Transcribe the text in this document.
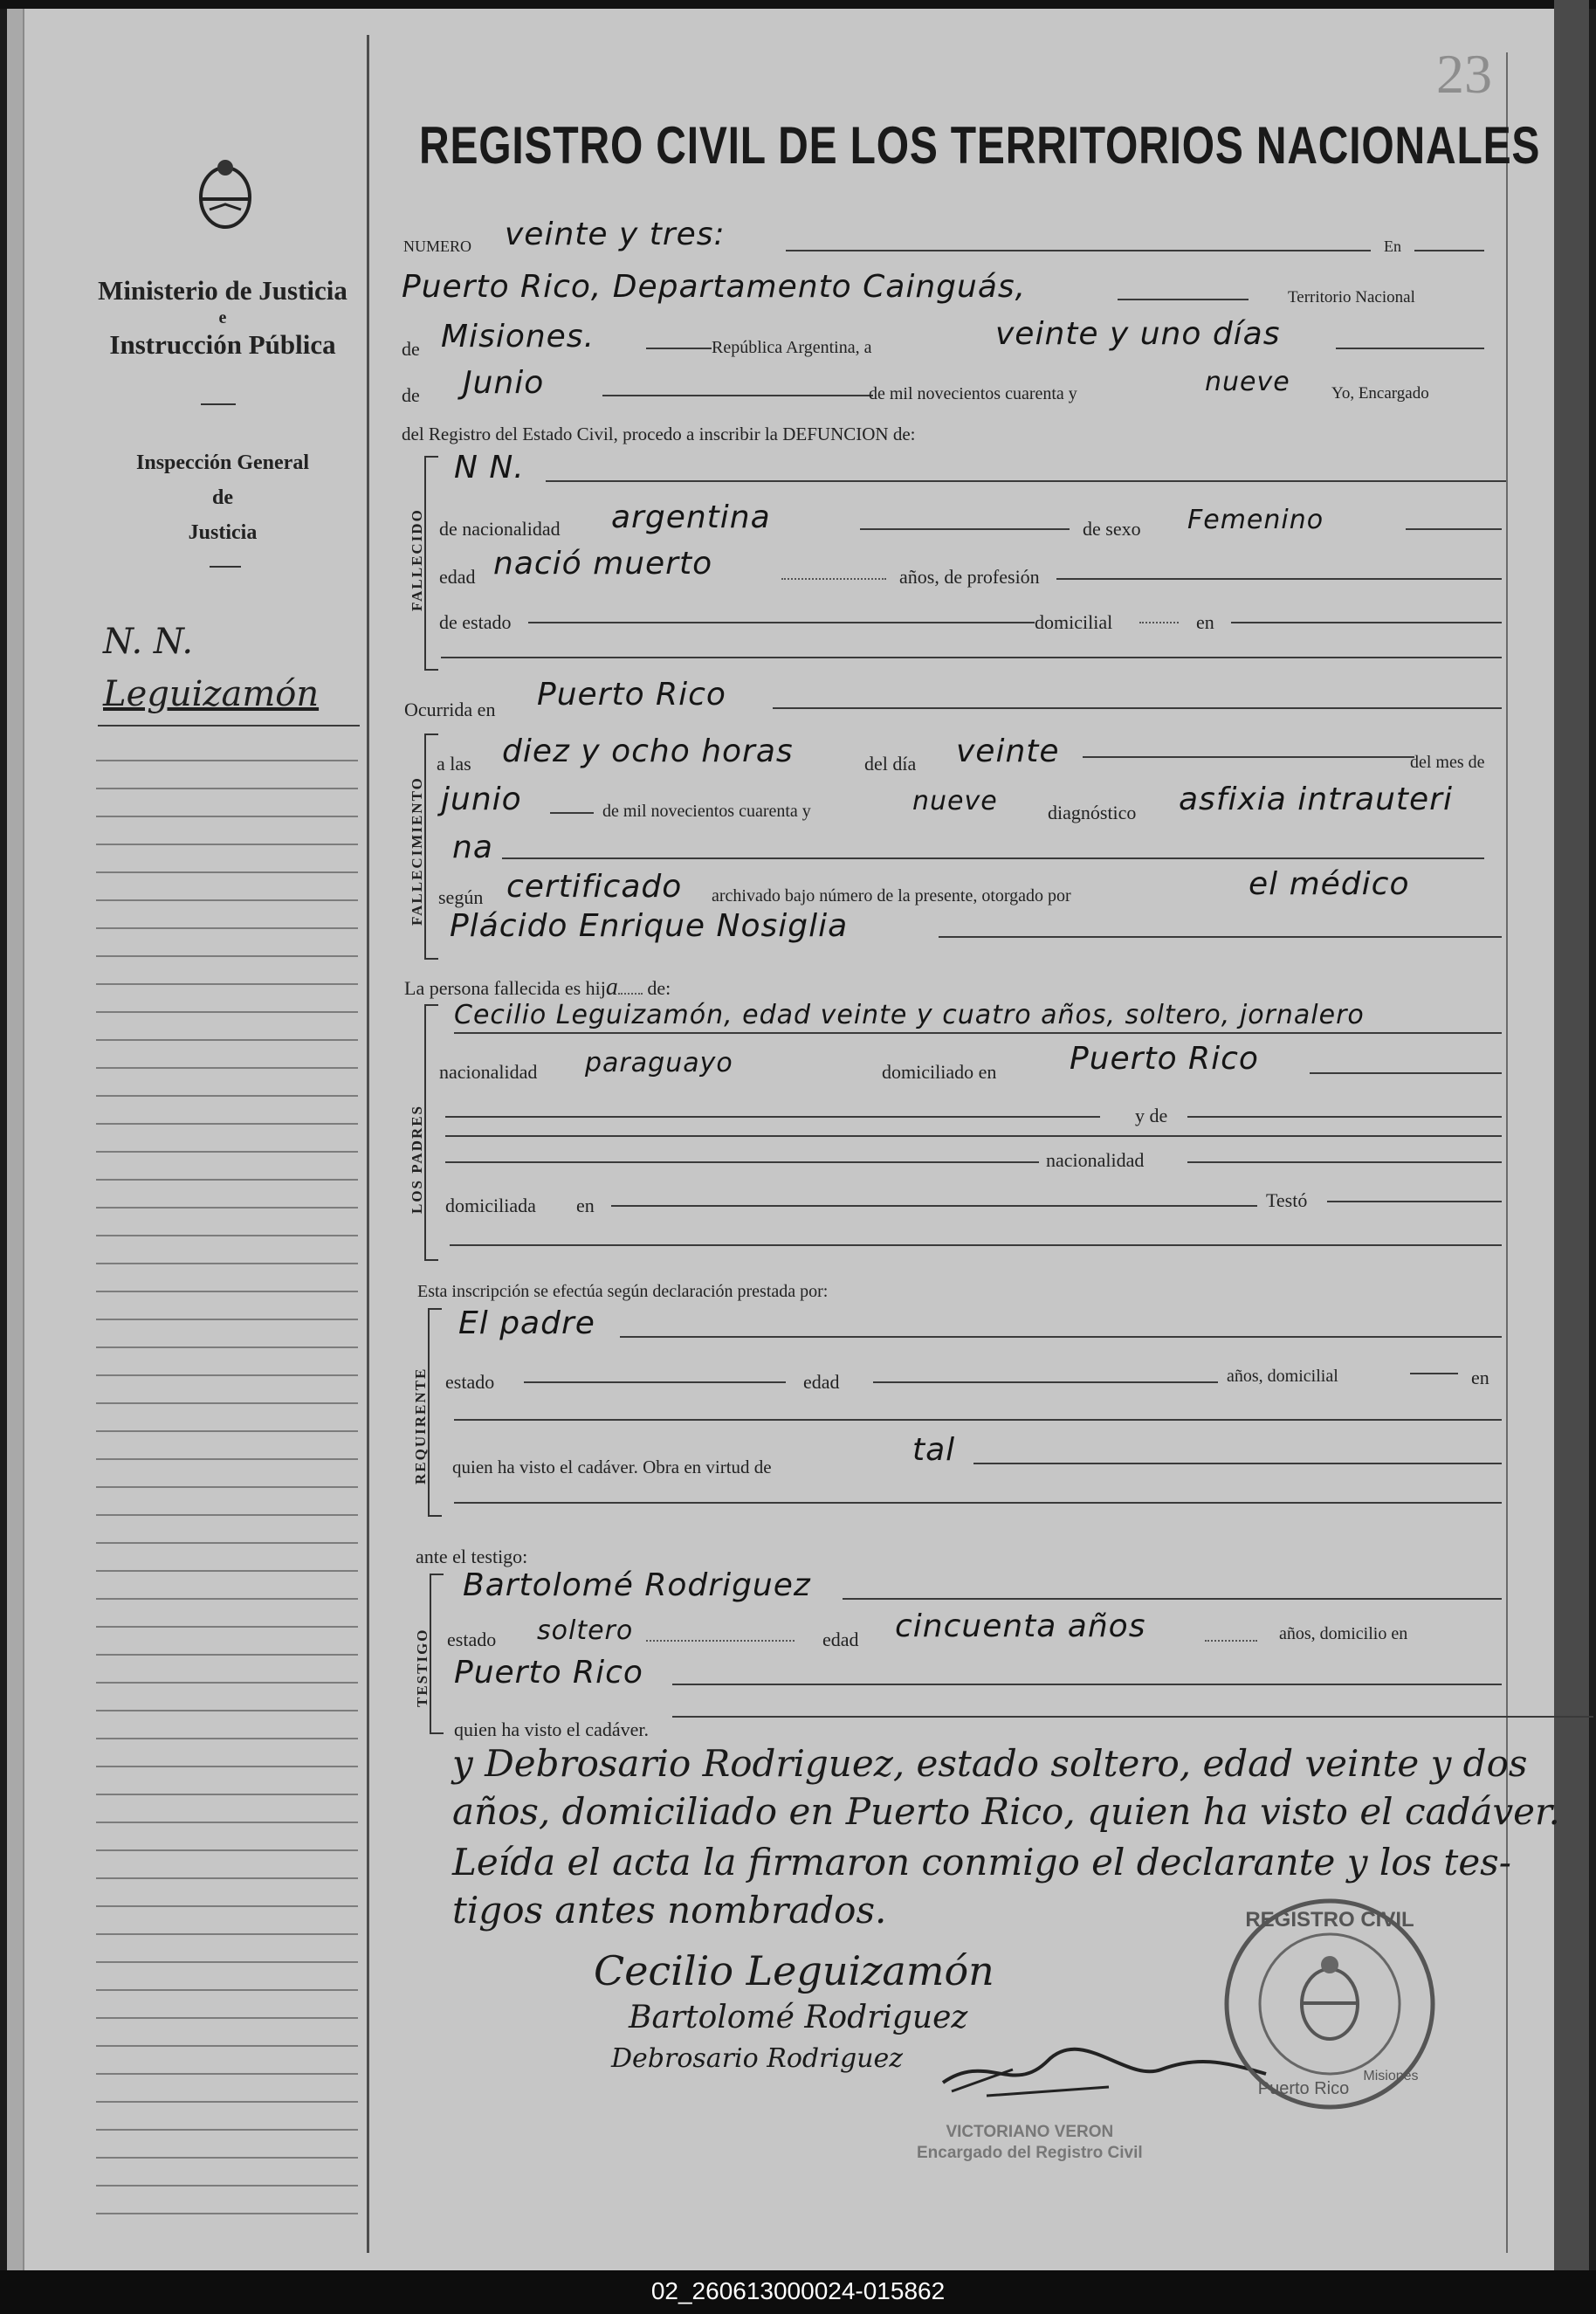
23
REGISTRO CIVIL DE LOS TERRITORIOS NACIONALES
Ministerio de Justicia
e
Instrucción Pública
Inspección General
de
Justicia
N. N.
Leguizamón
NUMERO veinte y tres:	En
Puerto Rico, Departamento Cainguás,	Territorio Nacional
de Misiones.	República Argentina, a	veinte y uno días
de Junio	de mil novecientos cuarenta y	nueve Yo, Encargado
del Registro del Estado Civil, procedo a inscribir la DEFUNCION de:
FALLECIDO
N N.
de nacionalidad argentina	de sexo Femenino
edad nació muerto	años, de profesión
de estado	domicilial	en
Ocurrida en Puerto Rico
FALLECIMIENTO
a las diez y ocho horas	del día veinte	del mes de
junio	de mil novecientos cuarenta y	nueve	diagnóstico asfixia intrauteri
na
según certificado archivado bajo número de la presente, otorgado por	el médico
Plácido Enrique Nosiglia
La persona fallecida es hija de:
LOS PADRES
Cecilio Leguizamón, edad veinte y cuatro años, soltero, jornalero
nacionalidad paraguayo	domiciliado en Puerto Rico
y de
nacionalidad
domiciliada en	Testó
Esta inscripción se efectúa según declaración prestada por:
REQUIRENTE
El padre
estado	edad	años, domicilial	en
quien ha visto el cadáver. Obra en virtud de	tal
ante el testigo:
TESTIGO
Bartolomé Rodriguez
estado soltero	edad cincuenta años	años, domicilio en
Puerto Rico
quien ha visto el cadáver.
y Debrosario Rodriguez, estado soltero, edad veinte y dos
años, domiciliado en Puerto Rico, quien ha visto el cadáver.
Leída el acta la firmaron conmigo el declarante y los tes-
tigos antes nombrados.
Cecilio Leguizamón
Bartolomé Rodriguez
Debrosario Rodriguez
REGISTRO CIVIL
Puerto Rico
Misiones
VICTORIANO VERON
Encargado del Registro Civil
02_260613000024-015862
